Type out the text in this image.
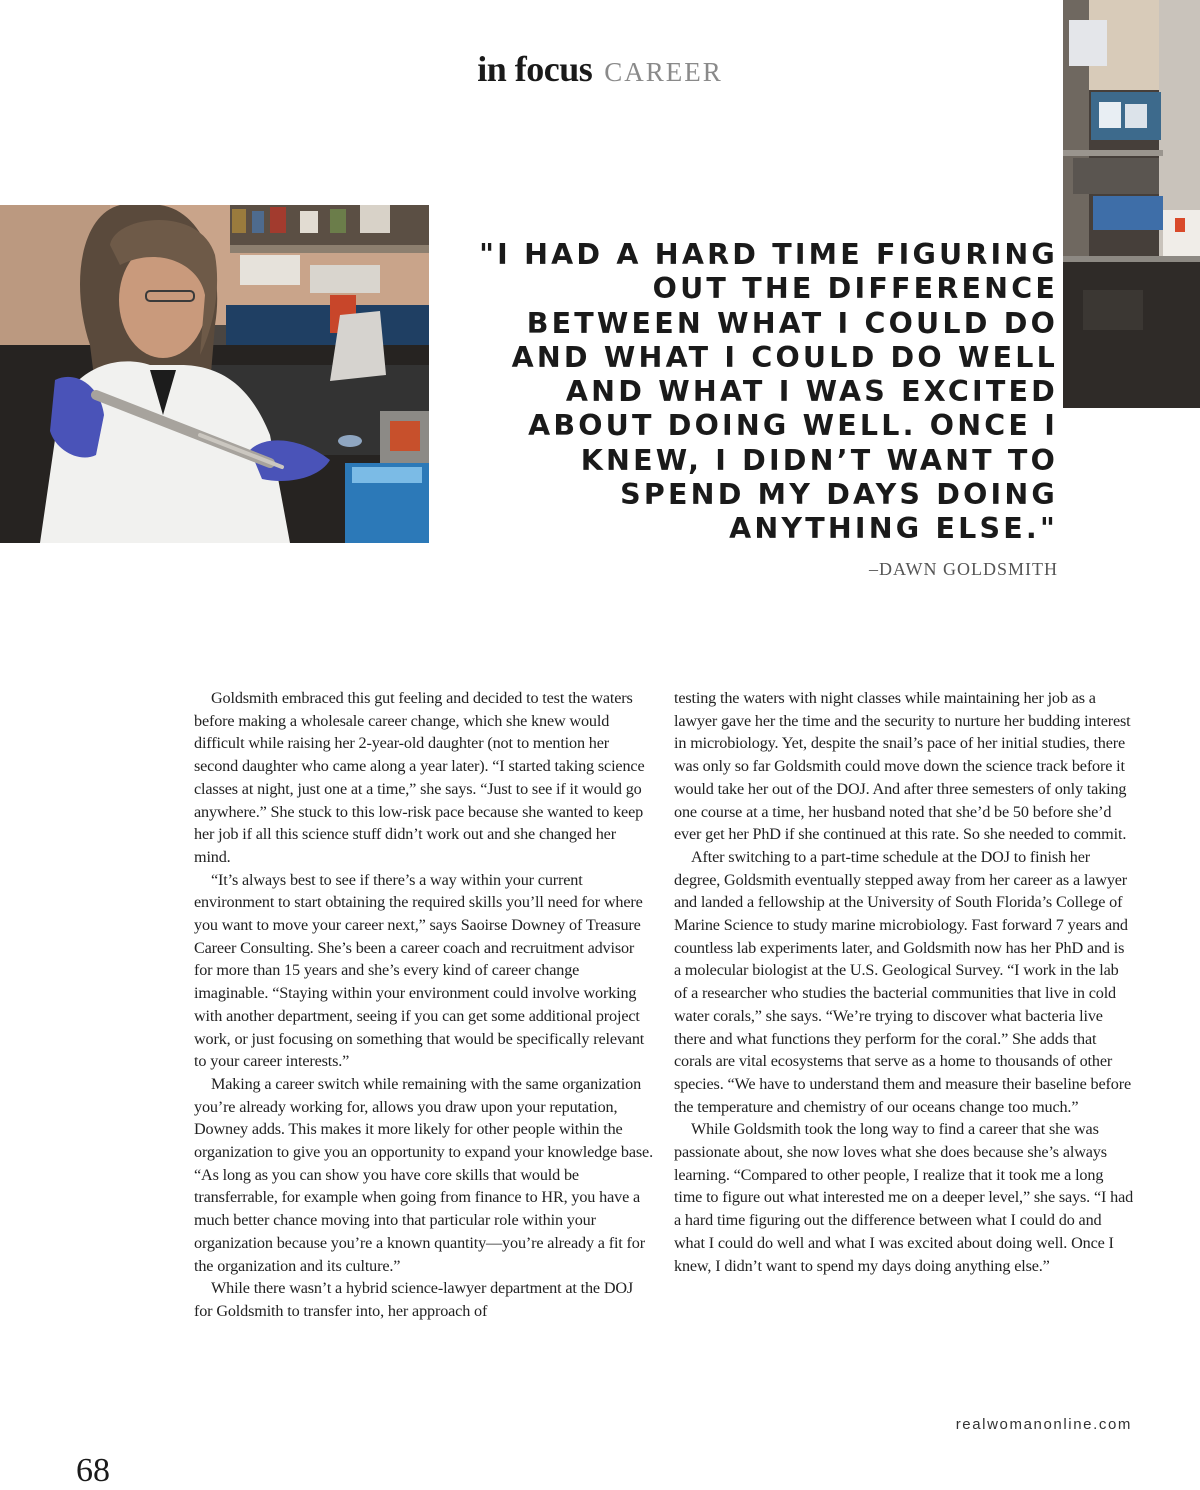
in focus CAREER

"I HAD A HARD TIME FIGURING OUT THE DIFFERENCE BETWEEN WHAT I COULD DO AND WHAT I COULD DO WELL AND WHAT I WAS EXCITED ABOUT DOING WELL. ONCE I KNEW, I DIDN’T WANT TO SPEND MY DAYS DOING ANYTHING ELSE."

–DAWN GOLDSMITH

Goldsmith embraced this gut feeling and decided to test the waters before making a wholesale career change, which she knew would difficult while raising her 2-year-old daughter (not to mention her second daughter who came along a year later). “I started taking science classes at night, just one at a time,” she says. “Just to see if it would go anywhere.” She stuck to this low-risk pace because she wanted to keep her job if all this science stuff didn’t work out and she changed her mind.

“It’s always best to see if there’s a way within your current environment to start obtaining the required skills you’ll need for where you want to move your career next,” says Saoirse Downey of Treasure Career Consulting. She’s been a career coach and recruitment advisor for more than 15 years and she’s every kind of career change imaginable. “Staying within your environment could involve working with another department, seeing if you can get some additional project work, or just focusing on something that would be specifically relevant to your career interests.”

Making a career switch while remaining with the same organization you’re already working for, allows you draw upon your reputation, Downey adds. This makes it more likely for other people within the organization to give you an opportunity to expand your knowledge base. “As long as you can show you have core skills that would be transferrable, for example when going from finance to HR, you have a much better chance moving into that particular role within your organization because you’re a known quantity—you’re already a fit for the organization and its culture.”

While there wasn’t a hybrid science-lawyer department at the DOJ for Goldsmith to transfer into, her approach of

testing the waters with night classes while maintaining her job as a lawyer gave her the time and the security to nurture her budding interest in microbiology. Yet, despite the snail’s pace of her initial studies, there was only so far Goldsmith could move down the science track before it would take her out of the DOJ. And after three semesters of only taking one course at a time, her husband noted that she’d be 50 before she’d ever get her PhD if she continued at this rate. So she needed to commit.

After switching to a part-time schedule at the DOJ to finish her degree, Goldsmith eventually stepped away from her career as a lawyer and landed a fellowship at the University of South Florida’s College of Marine Science to study marine microbiology. Fast forward 7 years and countless lab experiments later, and Goldsmith now has her PhD and is a molecular biologist at the U.S. Geological Survey. “I work in the lab of a researcher who studies the bacterial communities that live in cold water corals,” she says. “We’re trying to discover what bacteria live there and what functions they perform for the coral.” She adds that corals are vital ecosystems that serve as a home to thousands of other species. “We have to understand them and measure their baseline before the temperature and chemistry of our oceans change too much.”

While Goldsmith took the long way to find a career that she was passionate about, she now loves what she does because she’s always learning. “Compared to other people, I realize that it took me a long time to figure out what interested me on a deeper level,” she says. “I had a hard time figuring out the difference between what I could do and what I could do well and what I was excited about doing well. Once I knew, I didn’t want to spend my days doing anything else.”

68
realwomanonline.com
